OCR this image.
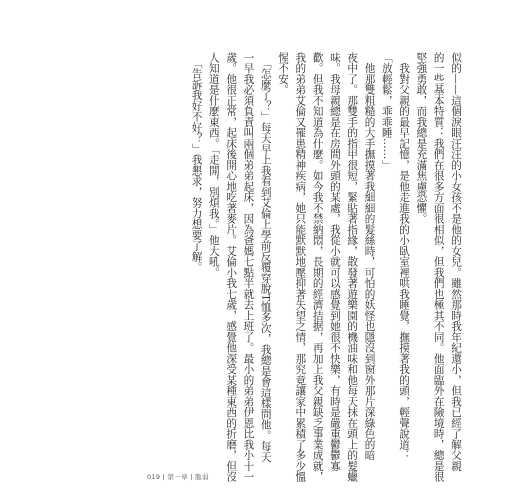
似的——這個淚眼汪汪的小女孩不是他的女兒。雖然那時我年紀還小，但我已經了解父親
的一些基本特質：我們在很多方面很相似，但我們也極其不同。他面臨外在險境時，總是很
堅強勇敢，而我總是充滿焦慮恐懼。
　我對父親的最早記憶，是他走進我的小臥室裡哄我睡覺，撫摸著我的頭，輕聲說道：
「放輕鬆，乖乖睡……」
　他那雙粗糙的大手撫摸著我細細的髮絲時，可怕的妖怪也隱沒到窗外那片深綠色的暗
夜中了。那雙手的指甲很短，緊貼著指緣，散發著遊樂園的機油味和他每天抹在頭上的髮蠟
味。我母親總是在房間外頭的某處，我從小就可以感覺到她很不快樂，有時是嚴重鬱鬱寡
歡。但我不知道為什麼。如今我不禁納悶，長期的經濟拮据，再加上我父親缺乏事業成就，
我的弟弟艾倫又罹患精神疾病，她只能默默地壓抑著失望之情，那究竟讓家中累積了多少慍
惺不安。
　「怎麼了？」每天早上我看到艾倫上學前反覆穿脫T恤多次，我總是會這樣問他。每天
一早我必須負責叫兩個弟弟起床，因為爸媽七點半就去上班了。最小的弟弟伊恩比我小十一
歲。他很正常，起床後開心地吃著麥片。艾倫小我七歲，感覺他深受某種東西的折磨，但沒
人知道是什麼東西。「走開，別煩我。」他大吼。
　「告訴我好不好？」我懇求，努力想要了解。
019 | 第一章 | 脆弱
